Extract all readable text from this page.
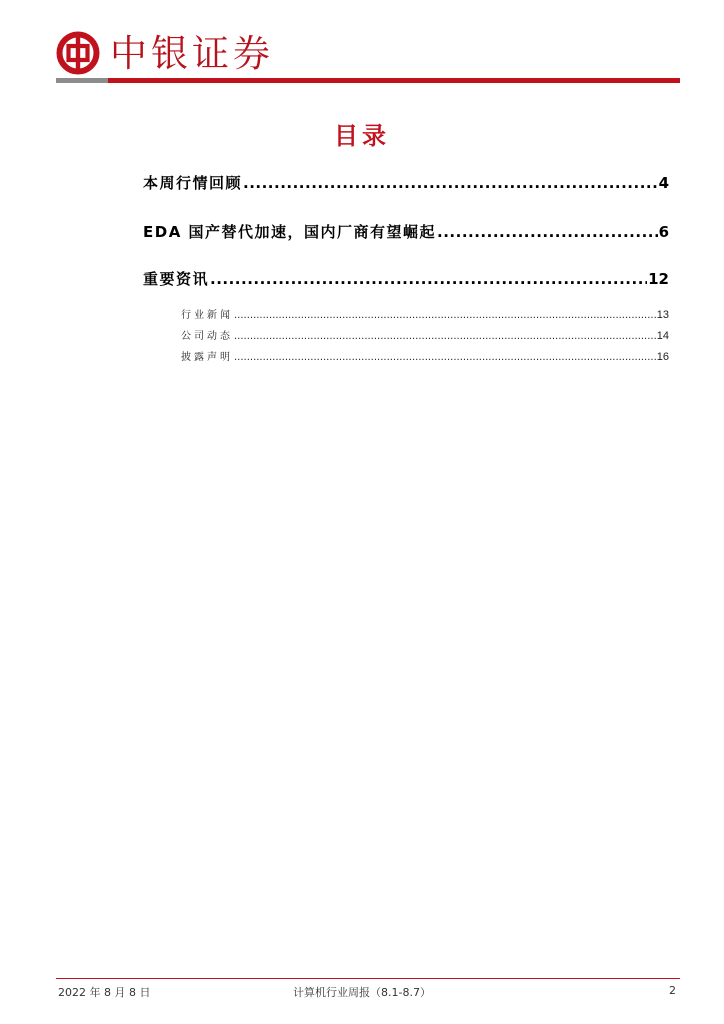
中银证券
目录
本周行情回顾 .....	4
EDA 国产替代加速，国内厂商有望崛起 .....	6
重要资讯 .....	12
行业新闻 .....	13
公司动态 .....	14
披露声明 .....	16
2022 年 8 月 8 日	计算机行业周报（8.1-8.7）	2
